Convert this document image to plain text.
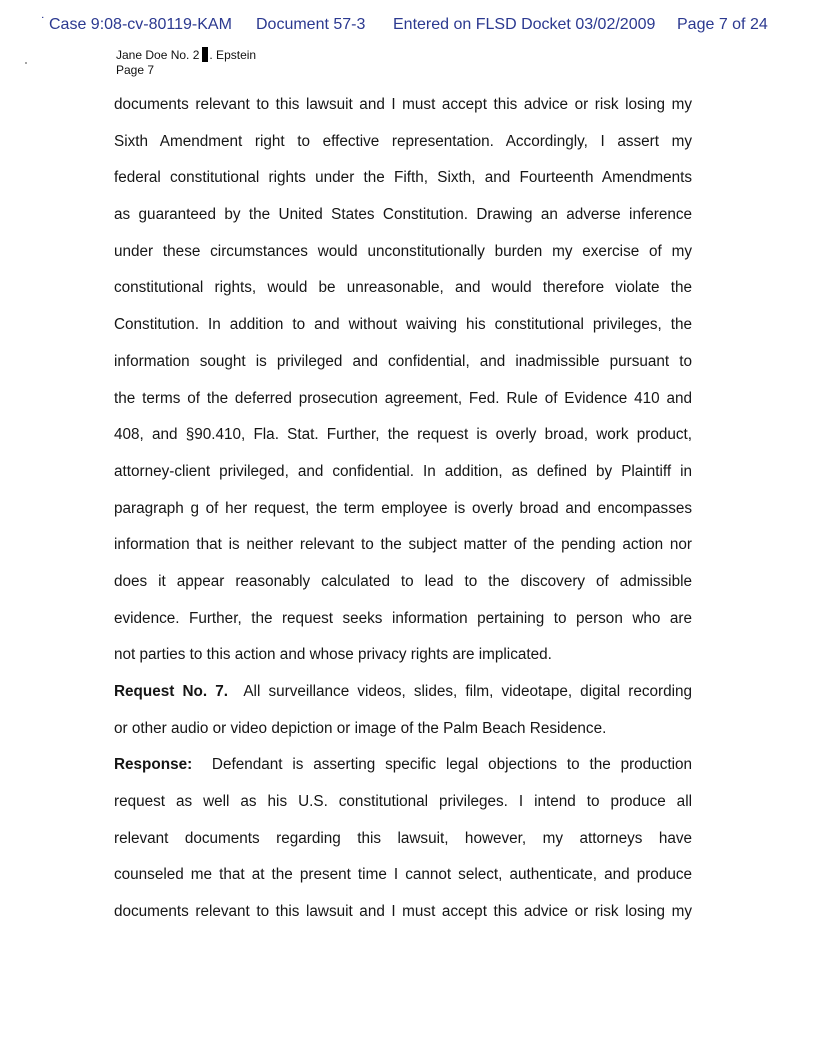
˙ Case 9:08-cv-80119-KAM Document 57-3 Entered on FLSD Docket 03/02/2009 Page 7 of 24
Jane Doe No. 2 . Epstein
Page 7
documents relevant to this lawsuit and I must accept this advice or risk losing my
Sixth Amendment right to effective representation. Accordingly, I assert my
federal constitutional rights under the Fifth, Sixth, and Fourteenth Amendments
as guaranteed by the United States Constitution. Drawing an adverse inference
under these circumstances would unconstitutionally burden my exercise of my
constitutional rights, would be unreasonable, and would therefore violate the
Constitution. In addition to and without waiving his constitutional privileges, the
information sought is privileged and confidential, and inadmissible pursuant to
the terms of the deferred prosecution agreement, Fed. Rule of Evidence 410 and
408, and §90.410, Fla. Stat. Further, the request is overly broad, work product,
attorney-client privileged, and confidential. In addition, as defined by Plaintiff in
paragraph g of her request, the term employee is overly broad and encompasses
information that is neither relevant to the subject matter of the pending action nor
does it appear reasonably calculated to lead to the discovery of admissible
evidence. Further, the request seeks information pertaining to person who are
not parties to this action and whose privacy rights are implicated.
Request No. 7. All surveillance videos, slides, film, videotape, digital recording
or other audio or video depiction or image of the Palm Beach Residence.
Response: Defendant is asserting specific legal objections to the production
request as well as his U.S. constitutional privileges. I intend to produce all
relevant documents regarding this lawsuit, however, my attorneys have
counseled me that at the present time I cannot select, authenticate, and produce
documents relevant to this lawsuit and I must accept this advice or risk losing my
